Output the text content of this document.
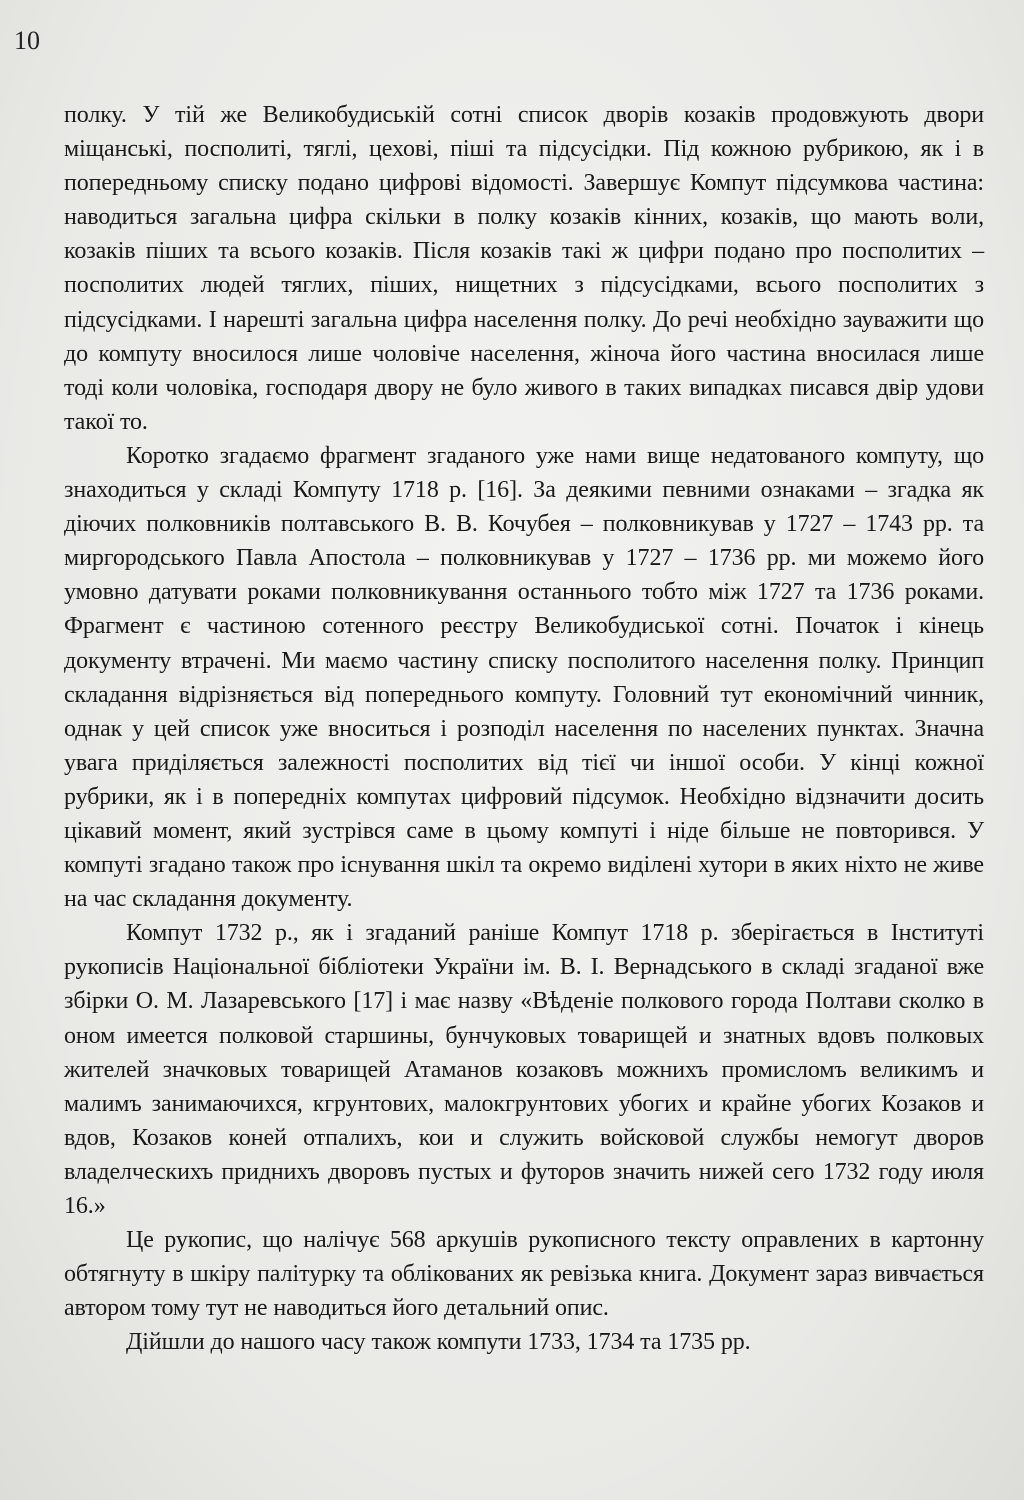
10

полку. У тій же Великобудиській сотні список дворів козаків продовжують двори міщанські, посполиті, тяглі, цехові, піші та підсусідки. Під кожною рубрикою, як і в попередньому списку подано цифрові відомості. Завершує Компут підсумкова частина: наводиться загальна цифра скільки в полку козаків кінних, козаків, що мають воли, козаків піших та всього козаків. Після козаків такі ж цифри подано про посполитих – посполитих людей тяглих, піших, нищетних з підсусідками, всього посполитих з підсусідками. І нарешті загальна цифра населення полку. До речі необхідно зауважити що до компуту вносилося лише чоловіче населення, жіноча його частина вносилася лише тоді коли чоловіка, господаря двору не було живого в таких випадках писався двір удови такої то.

Коротко згадаємо фрагмент згаданого уже нами вище недатованого компуту, що знаходиться у складі Компуту 1718 р. [16]. За деякими певними ознаками – згадка як діючих полковників полтавського В. В. Кочубея – полковникував у 1727 – 1743 рр. та миргородського Павла Апостола – полковникував у 1727 – 1736 рр. ми можемо його умовно датувати роками полковникування останнього тобто між 1727 та 1736 роками. Фрагмент є частиною сотенного реєстру Великобудиської сотні. Початок і кінець документу втрачені. Ми маємо частину списку посполитого населення полку. Принцип складання відрізняється від попереднього компуту. Головний тут економічний чинник, однак у цей список уже вноситься і розподіл населення по населених пунктах. Значна увага приділяється залежності посполитих від тієї чи іншої особи. У кінці кожної рубрики, як і в попередніх компутах цифровий підсумок. Необхідно відзначити досить цікавий момент, який зустрівся саме в цьому компуті і ніде більше не повторився. У компуті згадано також про існування шкіл та окремо виділені хутори в яких ніхто не живе на час складання документу.

Компут 1732 р., як і згаданий раніше Компут 1718 р. зберігається в Інституті рукописів Національної бібліотеки України ім. В. І. Вернадського в складі згаданої вже збірки О. М. Лазаревського [17] і має назву «Вѣденіе полкового города Полтави сколко в оном имеется полковой старшины, бунчуковых товарищей и знатных вдовъ полковых жителей значковых товарищей Атаманов козаковъ можнихъ промисломъ великимъ и малимъ занимаючихся, кгрунтових, малокгрунтових убогих и крайне убогих Козаков и вдов, Козаков коней отпалихъ, кои и служить войсковой службы немогут дворов владелческихъ приднихъ дворовъ пустых и футоров значить нижей сего 1732 году июля 16.»

Це рукопис, що налічує 568 аркушів рукописного тексту оправлених в картонну обтягнуту в шкіру палітурку та облікованих як ревізька книга. Документ зараз вивчається автором тому тут не наводиться його детальний опис.

Дійшли до нашого часу також компути 1733, 1734 та 1735 рр.
